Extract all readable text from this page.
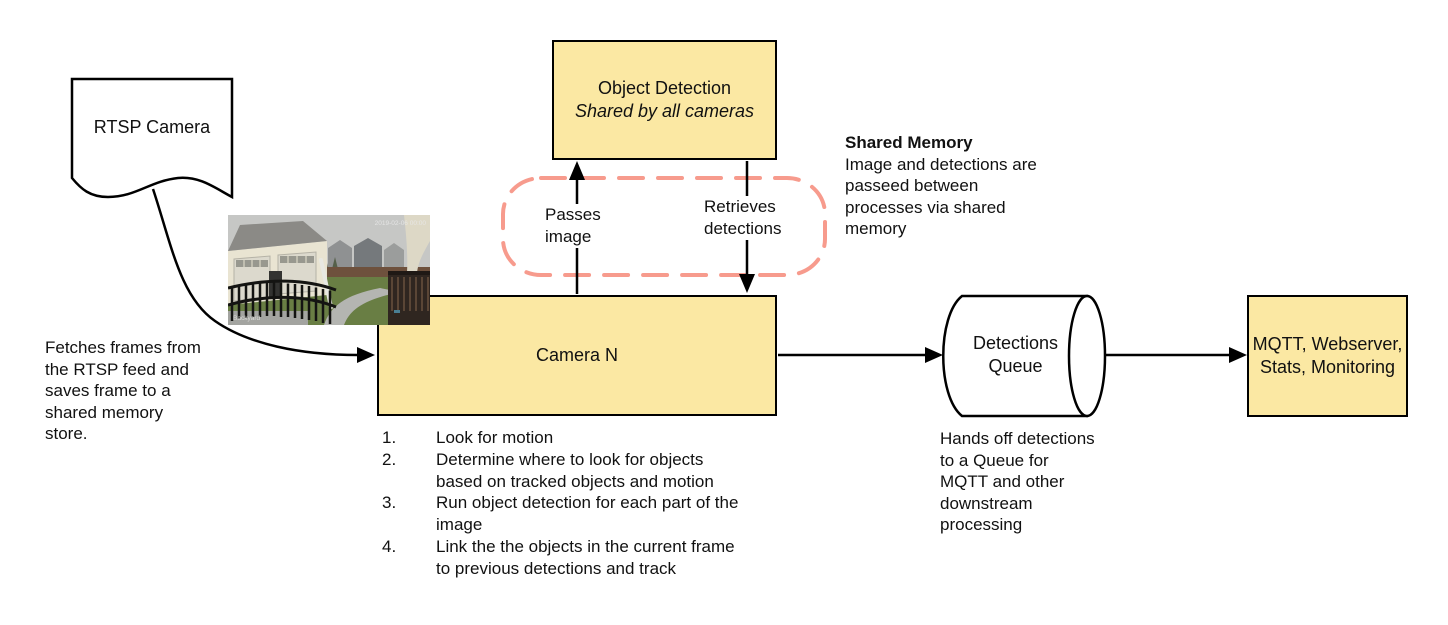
Object Detection
Shared by all cameras
Camera N
MQTT, Webserver,
Stats, Monitoring
RTSP Camera
2019-02-06 00:00
Backyard
Passes
image
Retrieves
detections
Detections
Queue
Fetches frames from
the RTSP feed and
saves frame to a
shared memory
store.
Shared Memory
Image and detections are
passeed between
processes via shared
memory
Hands off detections
to a Queue for
MQTT and other
downstream
processing
1.	Look for motion
2.	Determine where to look for objects
based on tracked objects and motion
3.	Run object detection for each part of the
image
4.	Link the the objects in the current frame
to previous detections and track
